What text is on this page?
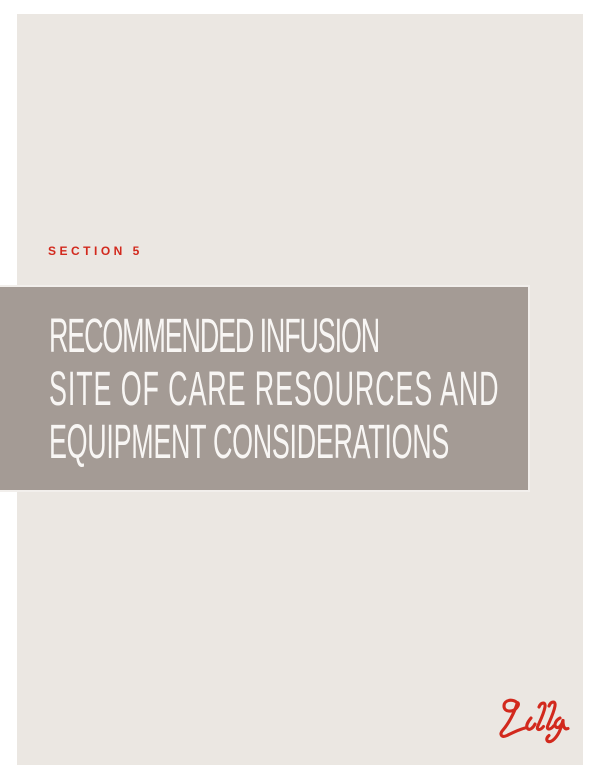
SECTION 5
RECOMMENDED INFUSION
SITE OF CARE RESOURCES AND
EQUIPMENT CONSIDERATIONS
